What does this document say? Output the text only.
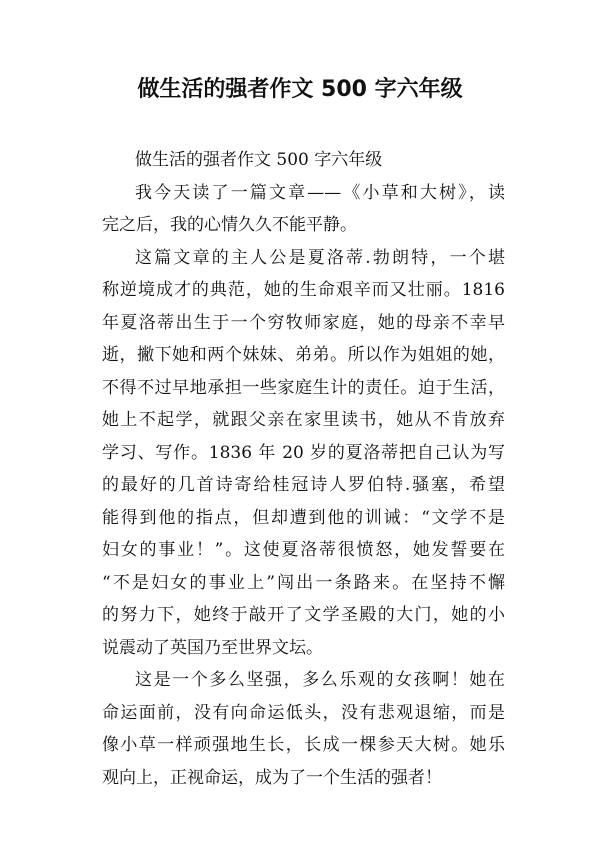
做生活的强者作文 500 字六年级
做生活的强者作文 500 字六年级
我今天读了一篇文章——《小草和大树》，读
完之后，我的心情久久不能平静。
这篇文章的主人公是夏洛蒂.勃朗特，一个堪
称逆境成才的典范，她的生命艰辛而又壮丽。1816
年夏洛蒂出生于一个穷牧师家庭，她的母亲不幸早
逝，撇下她和两个妹妹、弟弟。所以作为姐姐的她，
不得不过早地承担一些家庭生计的责任。迫于生活，
她上不起学，就跟父亲在家里读书，她从不肯放弃
学习、写作。1836 年 20 岁的夏洛蒂把自己认为写
的最好的几首诗寄给桂冠诗人罗伯特.骚塞，希望
能得到他的指点，但却遭到他的训诫：“文学不是
妇女的事业！”。这使夏洛蒂很愤怒，她发誓要在
“不是妇女的事业上”闯出一条路来。在坚持不懈
的努力下，她终于敲开了文学圣殿的大门，她的小
说震动了英国乃至世界文坛。
这是一个多么坚强，多么乐观的女孩啊！她在
命运面前，没有向命运低头，没有悲观退缩，而是
像小草一样顽强地生长，长成一棵参天大树。她乐
观向上，正视命运，成为了一个生活的强者！
